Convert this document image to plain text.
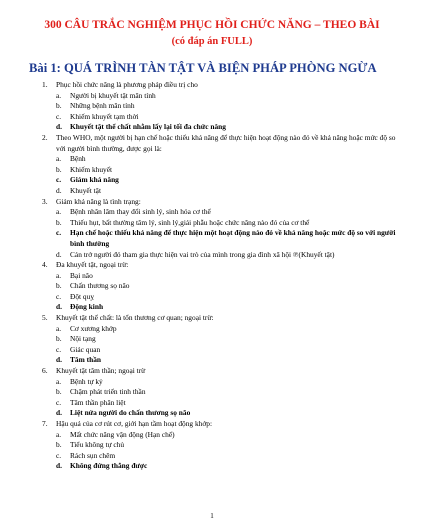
300 CÂU TRẮC NGHIỆM PHỤC HỒI CHỨC NĂNG – THEO BÀI
(có đáp án FULL)
Bài 1: QUÁ TRÌNH TÀN TẬT VÀ BIỆN PHÁP PHÒNG NGỪA
1. Phục hồi chức năng là phương pháp điều trị cho
a. Người bị khuyết tật mãn tính
b. Những bệnh mãn tính
c. Khiếm khuyết tạm thời
d. Khuyết tật thể chất nhằm lấy lại tối đa chức năng
2. Theo WHO, một người bị hạn chế hoặc thiếu khả năng để thực hiện hoạt động nào đó về khả năng hoặc mức độ so với người bình thường, được gọi là:
a. Bệnh
b. Khiếm khuyết
c. Giảm khả năng
d. Khuyết tật
3. Giảm khả năng là tình trạng:
a. Bệnh nhân lâm thay đổi sinh lý, sinh hóa cơ thể
b. Thiếu hụt, bất thường tâm lý, sinh lý,giải phẫu hoặc chức năng nào đó của cơ thể
c. Hạn chế hoặc thiếu khả năng để thực hiện một hoạt động nào đó về khả năng hoặc mức độ so với người bình thường
d. Cản trở người đó tham gia thực hiện vai trò của mình trong gia đình xã hội ℗(Khuyết tật)
4. Đa khuyết tật, ngoại trừ:
a. Bại não
b. Chấn thương sọ não
c. Đột quỵ
d. Động kinh
5. Khuyết tật thể chất: là tổn thương cơ quan; ngoại trừ:
a. Cơ xương khớp
b. Nội tạng
c. Giác quan
d. Tâm thần
6. Khuyết tật tâm thần; ngoại trừ
a. Bệnh tự kỷ
b. Chậm phát triển tinh thần
c. Tâm thần phân liệt
d. Liệt nửa người do chấn thương sọ não
7. Hậu quả của cơ rút cơ, giới hạn tầm hoạt động khớp:
a. Mất chức năng vận động (Hạn chế)
b. Tiểu không tự chủ
c. Rách sụn chêm
d. Không đứng thẳng được
1
